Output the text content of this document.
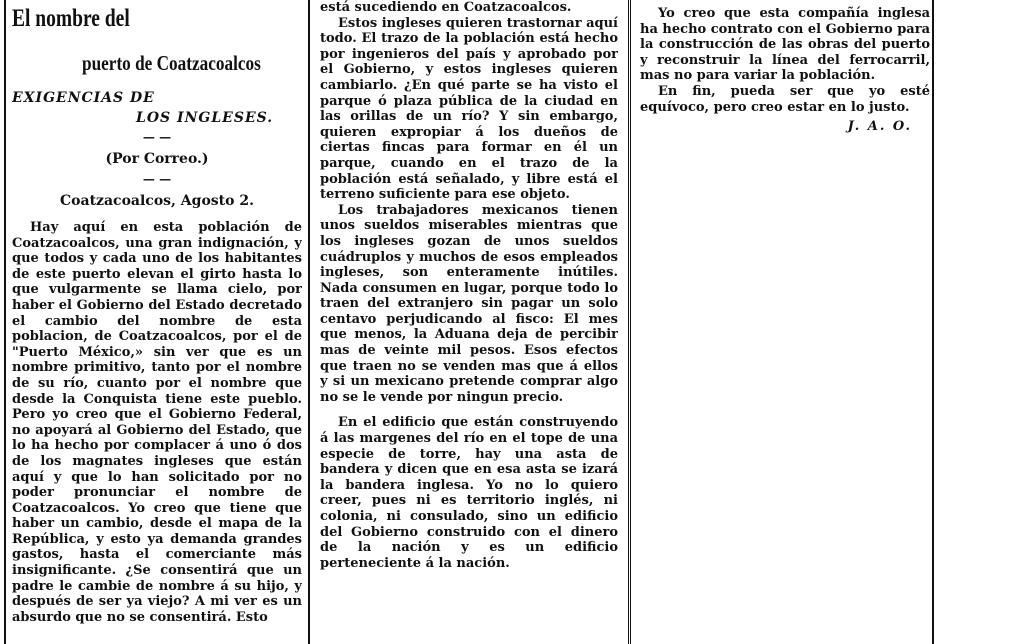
El nombre del
puerto de Coatzacoalcos
EXIGENCIAS DE
LOS INGLESES.
— —
(Por Correo.)
— —
Coatzacoalcos, Agosto 2.

Hay aquí en esta población de Coatzacoalcos, una gran indignación, y que todos y cada uno de los habitantes de este puerto elevan el girto hasta lo que vulgarmente se llama cielo, por haber el Gobierno del Estado decretado el cambio del nombre de esta poblacion, de Coatzacoalcos, por el de "Puerto México,» sin ver que es un nombre primitivo, tanto por el nombre de su río, cuanto por el nombre que desde la Conquista tiene este pueblo. Pero yo creo que el Gobierno Federal, no apoyará al Gobierno del Estado, que lo ha hecho por complacer á uno ó dos de los magnates ingleses que están aquí y que lo han solicitado por no poder pronunciar el nombre de Coatzacoalcos. Yo creo que tiene que haber un cambio, desde el mapa de la República, y esto ya demanda grandes gastos, hasta el comerciante más insignificante. ¿Se consentirá que un padre le cambie de nombre á su hijo, y después de ser ya viejo? A mi ver es un absurdo que no se consentirá. Esto

está sucediendo en Coatzacoalcos.

Estos ingleses quieren trastornar aquí todo. El trazo de la población está hecho por ingenieros del país y aprobado por el Gobierno, y estos ingleses quieren cambiarlo. ¿En qué parte se ha visto el parque ó plaza pública de la ciudad en las orillas de un río? Y sin embargo, quieren expropiar á los dueños de ciertas fincas para formar en él un parque, cuando en el trazo de la población está señalado, y libre está el terreno suficiente para ese objeto.

Los trabajadores mexicanos tienen unos sueldos miserables mientras que los ingleses gozan de unos sueldos cuádruplos y muchos de esos empleados ingleses, son enteramente inútiles. Nada consumen en lugar, porque todo lo traen del extranjero sin pagar un solo centavo perjudicando al fisco: El mes que menos, la Aduana deja de percibir mas de veinte mil pesos. Esos efectos que traen no se venden mas que á ellos y si un mexicano pretende comprar algo no se le vende por ningun precio.

En el edificio que están construyendo á las margenes del río en el tope de una especie de torre, hay una asta de bandera y dicen que en esa asta se izará la bandera inglesa. Yo no lo quiero creer, pues ni es territorio inglés, ni colonia, ni consulado, sino un edificio del Gobierno construido con el dinero de la nación y es un edificio perteneciente á la nación.

Yo creo que esta compañía inglesa ha hecho contrato con el Gobierno para la construcción de las obras del puerto y reconstruir la línea del ferrocarril, mas no para variar la población.

En fin, pueda ser que yo esté equívoco, pero creo estar en lo justo.

J. A. O.
